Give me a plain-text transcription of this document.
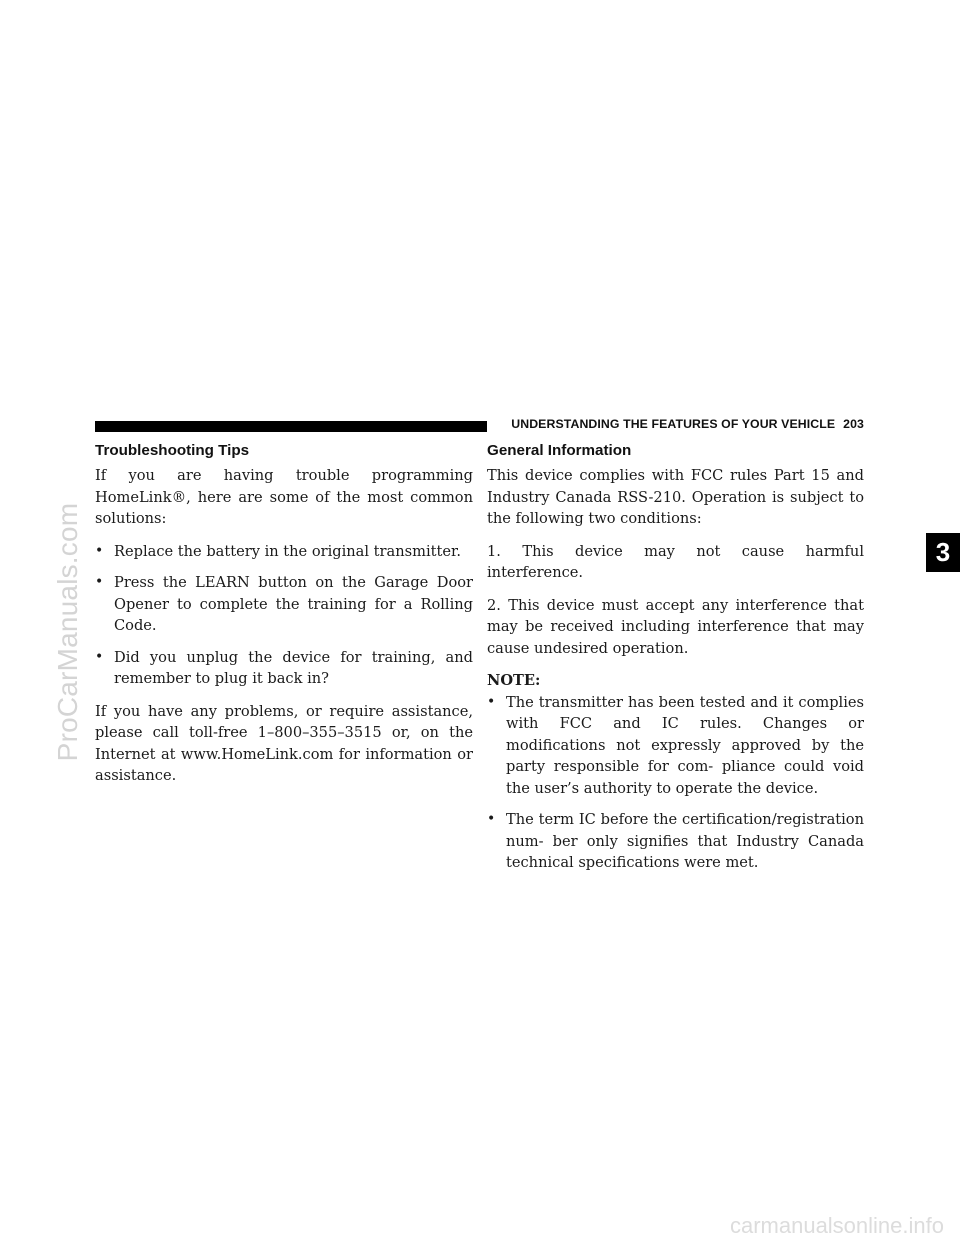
ProCarManuals.com
carmanualsonline.info
UNDERSTANDING THE FEATURES OF YOUR VEHICLE 203
3
Troubleshooting Tips

If you are having trouble programming HomeLink®, here are some of the most common solutions:

• Replace the battery in the original transmitter.
• Press the LEARN button on the Garage Door Opener to complete the training for a Rolling Code.
• Did you unplug the device for training, and remember to plug it back in?

If you have any problems, or require assistance, please call toll-free 1–800–355–3515 or, on the Internet at www.HomeLink.com for information or assistance.

General Information

This device complies with FCC rules Part 15 and Industry Canada RSS-210. Operation is subject to the following two conditions:

1. This device may not cause harmful interference.

2. This device must accept any interference that may be received including interference that may cause undesired operation.

NOTE:
• The transmitter has been tested and it complies with FCC and IC rules. Changes or modifications not expressly approved by the party responsible for com- pliance could void the user’s authority to operate the device.
• The term IC before the certification/registration num- ber only signifies that Industry Canada technical specifications were met.
